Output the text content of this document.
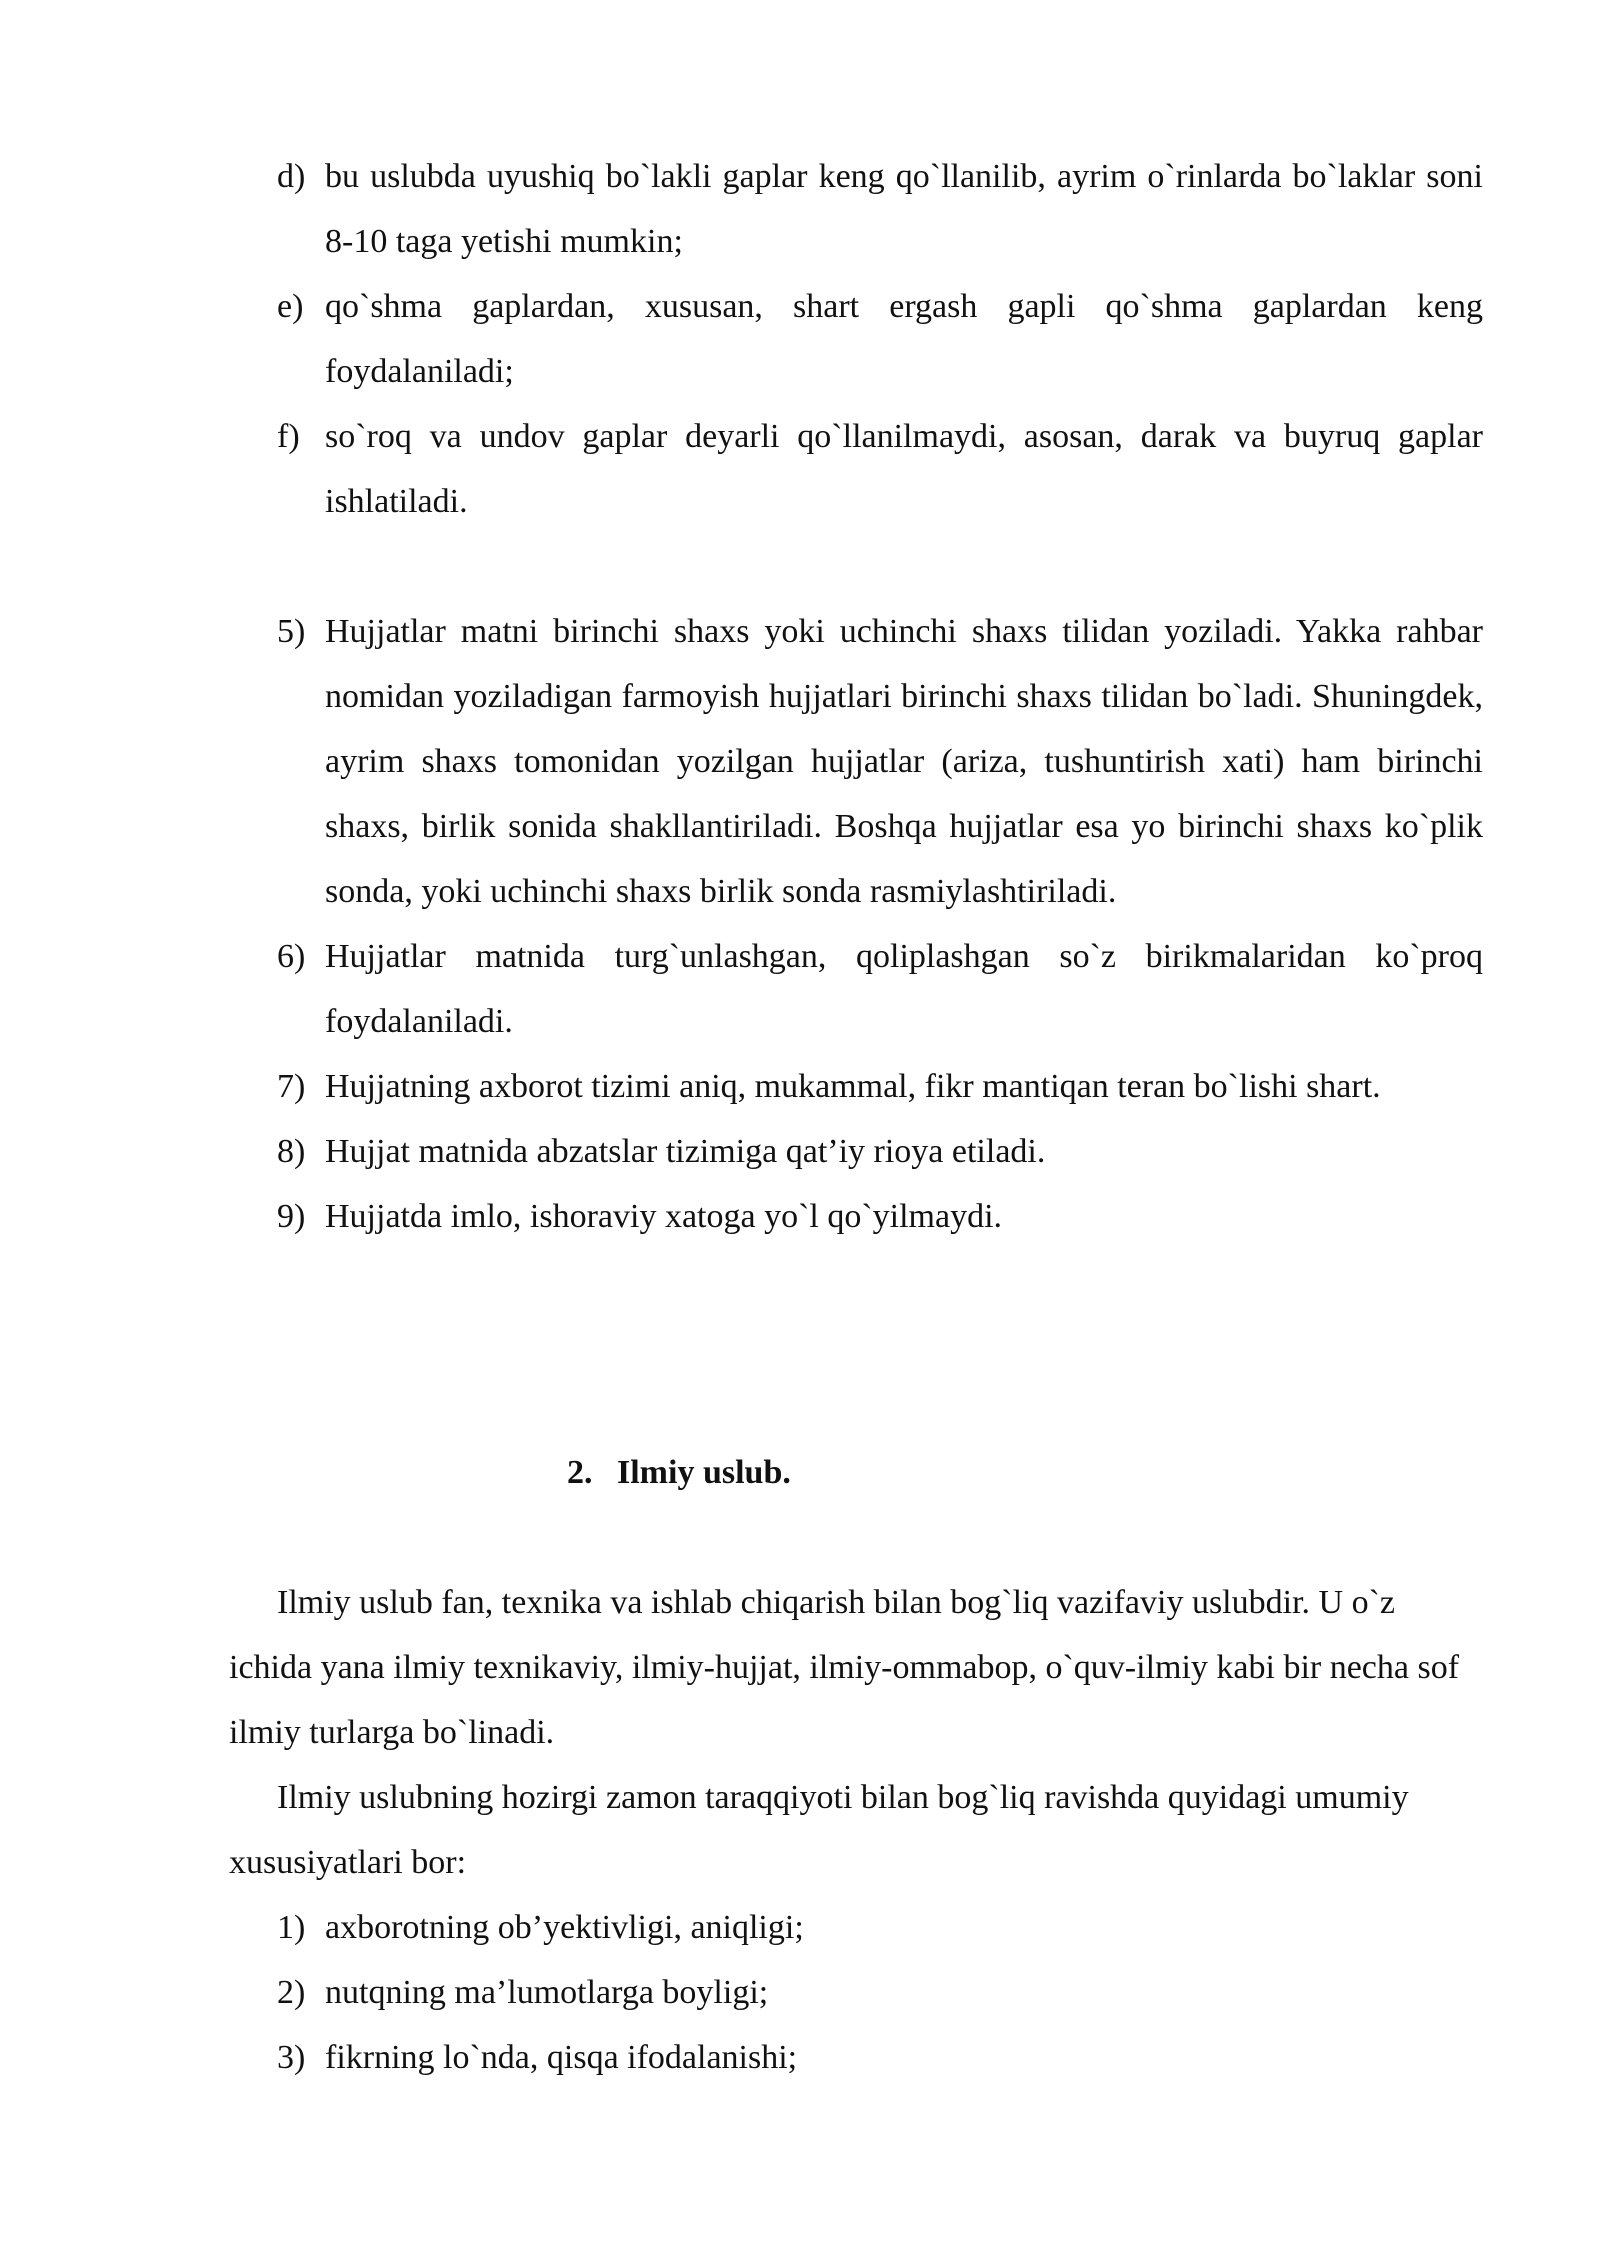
d) bu uslubda uyushiq bo`lakli gaplar keng qo`llanilib, ayrim o`rinlarda bo`laklar soni 8-10 taga yetishi mumkin;
e) qo`shma gaplardan, xususan, shart ergash gapli qo`shma gaplardan keng foydalaniladi;
f) so`roq va undov gaplar deyarli qo`llanilmaydi, asosan, darak va buyruq gaplar ishlatiladi.
5) Hujjatlar matni birinchi shaxs yoki uchinchi shaxs tilidan yoziladi. Yakka rahbar nomidan yoziladigan farmoyish hujjatlari birinchi shaxs tilidan bo`ladi. Shuningdek, ayrim shaxs tomonidan yozilgan hujjatlar (ariza, tushuntirish xati) ham birinchi shaxs, birlik sonida shakllantiriladi. Boshqa hujjatlar esa yo birinchi shaxs ko`plik sonda, yoki uchinchi shaxs birlik sonda rasmiylashtiriladi.
6) Hujjatlar matnida turg`unlashgan, qoliplashgan so`z birikmalaridan ko`proq foydalaniladi.
7) Hujjatning axborot tizimi aniq, mukammal, fikr mantiqan teran bo`lishi shart.
8) Hujjat matnida abzatslar tizimiga qat’iy rioya etiladi.
9) Hujjatda imlo, ishoraviy xatoga yo`l qo`yilmaydi.
2. Ilmiy uslub.
Ilmiy uslub fan, texnika va ishlab chiqarish bilan bog`liq vazifaviy uslubdir. U o`z ichida yana ilmiy texnikaviy, ilmiy-hujjat, ilmiy-ommabop, o`quv-ilmiy kabi bir necha sof ilmiy turlarga bo`linadi.
Ilmiy uslubning hozirgi zamon taraqqiyoti bilan bog`liq ravishda quyidagi umumiy xususiyatlari bor:
1) axborotning ob’yektivligi, aniqligi;
2) nutqning ma’lumotlarga boyligi;
3) fikrning lo`nda, qisqa ifodalanishi;
